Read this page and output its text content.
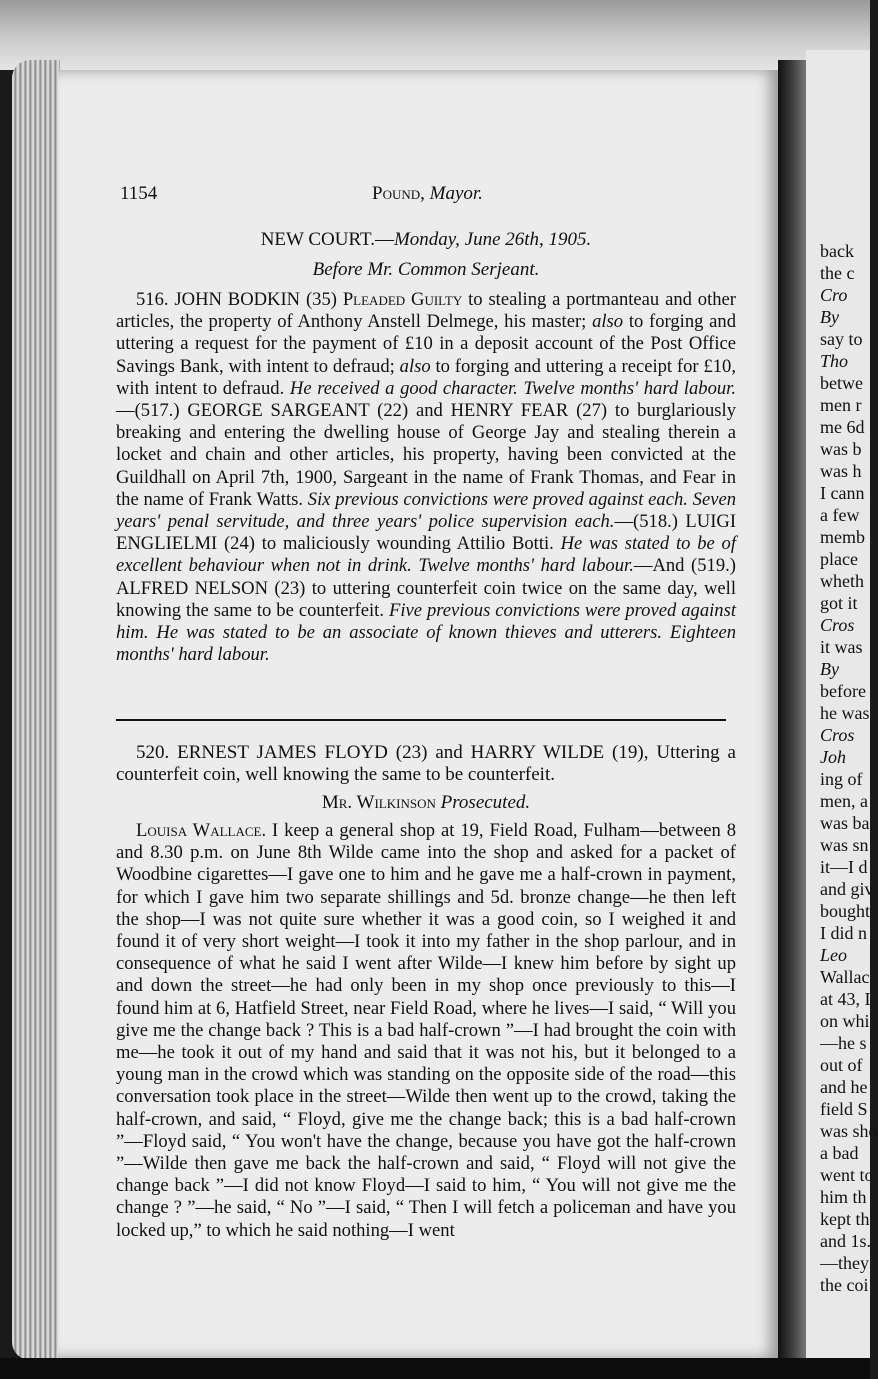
1154	Pound, Mayor.
NEW COURT.—Monday, June 26th, 1905.
Before Mr. Common Serjeant.

516. JOHN BODKIN (35) Pleaded Guilty to stealing a portmanteau and other articles, the property of Anthony Anstell Delmege, his master; also to forging and uttering a request for the payment of £10 in a deposit account of the Post Office Savings Bank, with intent to defraud; also to forging and uttering a receipt for £10, with intent to defraud. He received a good character. Twelve months' hard labour.—(517.) GEORGE SARGEANT (22) and HENRY FEAR (27) to burglariously breaking and entering the dwelling house of George Jay and stealing therein a locket and chain and other articles, his property, having been convicted at the Guildhall on April 7th, 1900, Sargeant in the name of Frank Thomas, and Fear in the name of Frank Watts. Six previous convictions were proved against each. Seven years' penal servitude, and three years' police supervision each.—(518.) LUIGI ENGLIELMI (24) to maliciously wounding Attilio Botti. He was stated to be of excellent behaviour when not in drink. Twelve months' hard labour.—And (519.) ALFRED NELSON (23) to uttering counterfeit coin twice on the same day, well knowing the same to be counterfeit. Five previous convictions were proved against him. He was stated to be an associate of known thieves and utterers. Eighteen months' hard labour.

520. ERNEST JAMES FLOYD (23) and HARRY WILDE (19), Uttering a counterfeit coin, well knowing the same to be counterfeit.

Mr. Wilkinson Prosecuted.

Louisa Wallace. I keep a general shop at 19, Field Road, Fulham—between 8 and 8.30 p.m. on June 8th Wilde came into the shop and asked for a packet of Woodbine cigarettes—I gave one to him and he gave me a half-crown in payment, for which I gave him two separate shillings and 5d. bronze change—he then left the shop—I was not quite sure whether it was a good coin, so I weighed it and found it of very short weight—I took it into my father in the shop parlour, and in consequence of what he said I went after Wilde—I knew him before by sight up and down the street—he had only been in my shop once previously to this—I found him at 6, Hatfield Street, near Field Road, where he lives—I said, “ Will you give me the change back ? This is a bad half-crown ”—I had brought the coin with me—he took it out of my hand and said that it was not his, but it belonged to a young man in the crowd which was standing on the opposite side of the road—this conversation took place in the street—Wilde then went up to the crowd, taking the half-crown, and said, “ Floyd, give me the change back; this is a bad half-crown ”—Floyd said, “ You won't have the change, because you have got the half-crown ”—Wilde then gave me back the half-crown and said, “ Floyd will not give the change back ”—I did not know Floyd—I said to him, “ You will not give me the change ? ”—he said, “ No ”—I said, “ Then I will fetch a policeman and have you locked up,” to which he said nothing—I went

back
the c
Cro
By
say to
Tho
betwe
men r
me 6d
was b
was h
I cann
a few
memb
place
wheth
got it
Cros
it was
By
before
he was
Cros
Joh
ing of
men, a
was ba
was sn
it—I d
and giv
bought
I did n
Leo
Wallac
at 43, I
on whi
—he s
out of
and he
field S
was sho
a bad
went to
him th
kept th
and 1s.
—they
the coi
